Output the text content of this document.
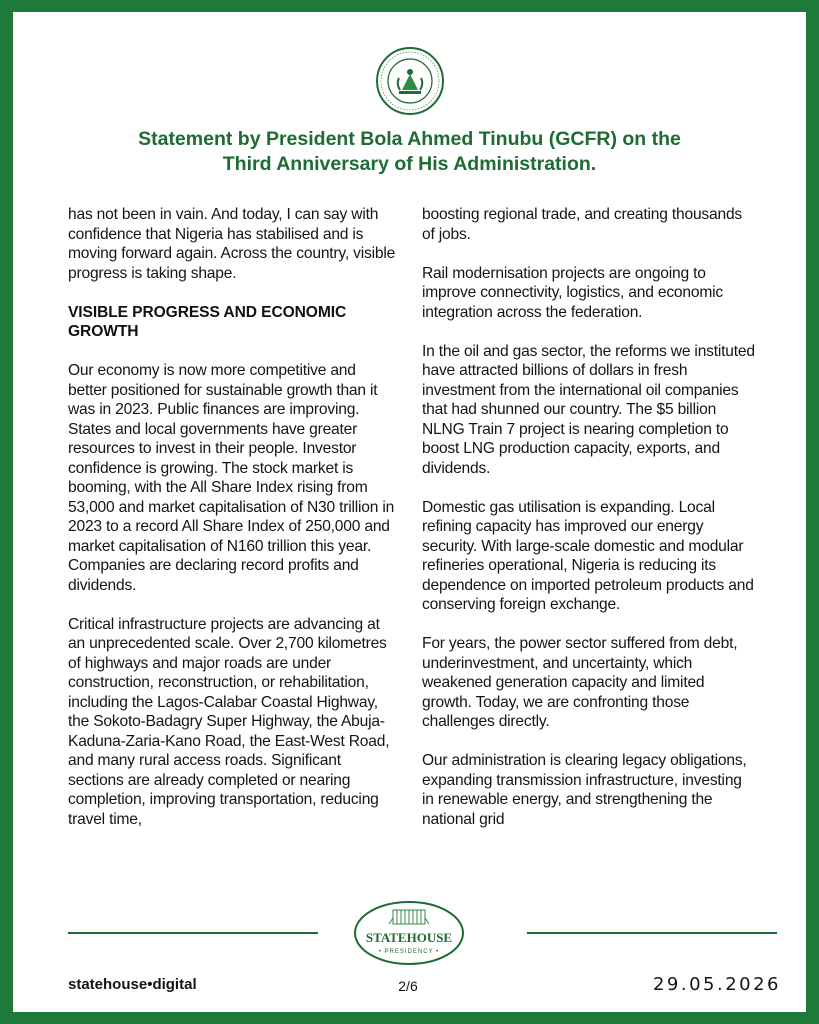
Statement by President Bola Ahmed Tinubu (GCFR) on the
Third Anniversary of His Administration.

has not been in vain. And today, I can say with confidence that Nigeria has stabilised and is moving forward again. Across the country, visible progress is taking shape.

VISIBLE PROGRESS AND ECONOMIC GROWTH

Our economy is now more competitive and better positioned for sustainable growth than it was in 2023. Public finances are improving. States and local governments have greater resources to invest in their people. Investor confidence is growing. The stock market is booming, with the All Share Index rising from 53,000 and market capitalisation of N30 trillion in 2023 to a record All Share Index of 250,000 and market capitalisation of N160 trillion this year. Companies are declaring record profits and dividends.

Critical infrastructure projects are advancing at an unprecedented scale. Over 2,700 kilometres of highways and major roads are under construction, reconstruction, or rehabilitation, including the Lagos-Calabar Coastal Highway, the Sokoto-Badagry Super Highway, the Abuja-Kaduna-Zaria-Kano Road, the East-West Road, and many rural access roads. Significant sections are already completed or nearing completion, improving transportation, reducing travel time,

boosting regional trade, and creating thousands of jobs.

Rail modernisation projects are ongoing to improve connectivity, logistics, and economic integration across the federation.

In the oil and gas sector, the reforms we instituted have attracted billions of dollars in fresh investment from the international oil companies that had shunned our country. The $5 billion NLNG Train 7 project is nearing completion to boost LNG production capacity, exports, and dividends.

Domestic gas utilisation is expanding. Local refining capacity has improved our energy security. With large-scale domestic and modular refineries operational, Nigeria is reducing its dependence on imported petroleum products and conserving foreign exchange.

For years, the power sector suffered from debt, underinvestment, and uncertainty, which weakened generation capacity and limited growth. Today, we are confronting those challenges directly.

Our administration is clearing legacy obligations, expanding transmission infrastructure, investing in renewable energy, and strengthening the national grid

STATEHOUSE
• PRESIDENCY •
statehouse•digital	2/6	29.05.2026
